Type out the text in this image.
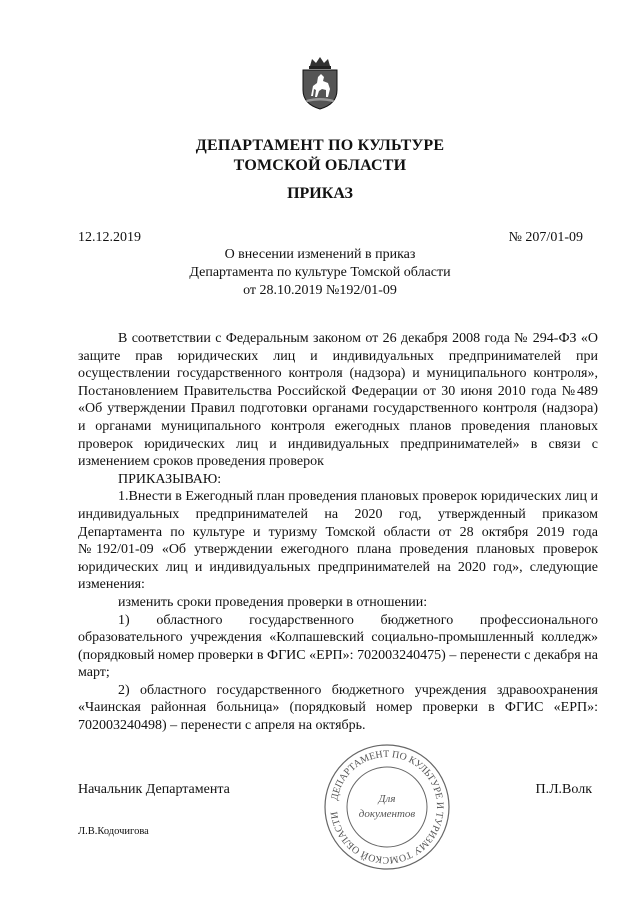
ДЕПАРТАМЕНТ ПО КУЛЬТУРЕ
ТОМСКОЙ ОБЛАСТИ
ПРИКАЗ
12.12.2019	№ 207/01-09
О внесении изменений в приказ
Департамента по культуре Томской области
от 28.10.2019 №192/01-09

В соответствии с Федеральным законом от 26 декабря 2008 года № 294-ФЗ «О защите прав юридических лиц и индивидуальных предпринимателей при осуществлении государственного контроля (надзора) и муниципального контроля», Постановлением Правительства Российской Федерации от 30 июня 2010 года №489 «Об утверждении Правил подготовки органами государственного контроля (надзора) и органами муниципального контроля ежегодных планов проведения плановых проверок юридических лиц и индивидуальных предпринимателей» в связи с изменением сроков проведения проверок

ПРИКАЗЫВАЮ:

1.Внести в Ежегодный план проведения плановых проверок юридических лиц и индивидуальных предпринимателей на 2020 год, утвержденный приказом Департамента по культуре и туризму Томской области от 28 октября 2019 года №192/01-09 «Об утверждении ежегодного плана проведения плановых проверок юридических лиц и индивидуальных предпринимателей на 2020 год», следующие изменения:

изменить сроки проведения проверки в отношении:

1) областного государственного бюджетного профессионального образовательного учреждения «Колпашевский социально-промышленный колледж» (порядковый номер проверки в ФГИС «ЕРП»: 702003240475) – перенести с декабря на март;

2) областного государственного бюджетного учреждения здравоохранения «Чаинская районная больница» (порядковый номер проверки в ФГИС «ЕРП»: 702003240498) – перенести с апреля на октябрь.

Начальник Департамента	П.Л.Волк
Л.В.Кодочигова
ДЕПАРТАМЕНТ ПО КУЛЬТУРЕ И ТУРИЗМУ ТОМСКОЙ ОБЛАСТИ
Для
документов
